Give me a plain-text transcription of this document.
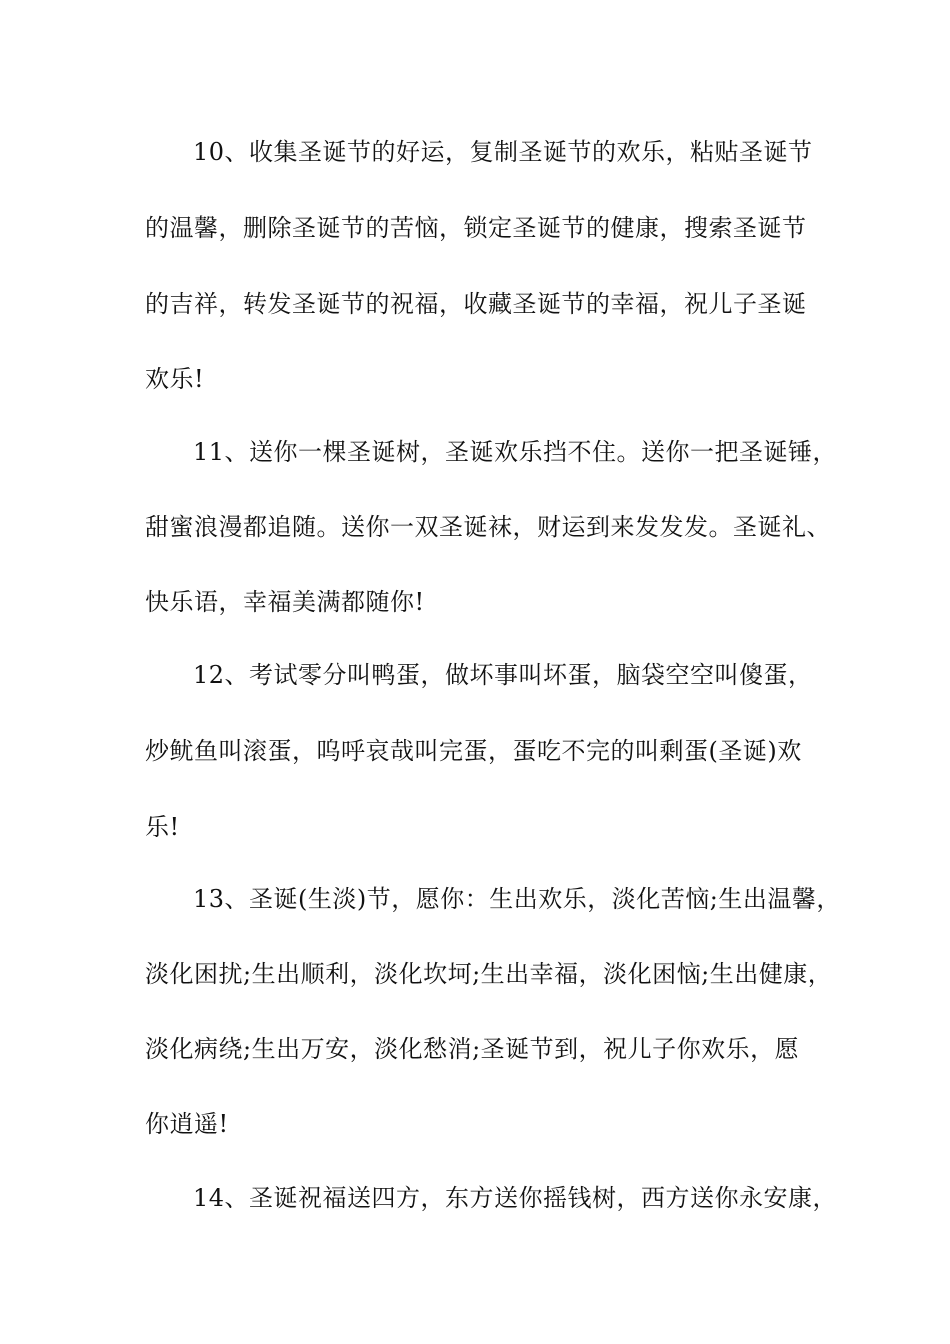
10、收集圣诞节的好运，复制圣诞节的欢乐，粘贴圣诞节
的温馨，删除圣诞节的苦恼，锁定圣诞节的健康，搜索圣诞节
的吉祥，转发圣诞节的祝福，收藏圣诞节的幸福，祝儿子圣诞
欢乐!
11、送你一棵圣诞树，圣诞欢乐挡不住。送你一把圣诞锤，
甜蜜浪漫都追随。送你一双圣诞袜，财运到来发发发。圣诞礼、
快乐语，幸福美满都随你!
12、考试零分叫鸭蛋，做坏事叫坏蛋，脑袋空空叫傻蛋，
炒鱿鱼叫滚蛋，呜呼哀哉叫完蛋，蛋吃不完的叫剩蛋(圣诞)欢
乐!
13、圣诞(生淡)节，愿你：生出欢乐，淡化苦恼;生出温馨，
淡化困扰;生出顺利，淡化坎坷;生出幸福，淡化困恼;生出健康，
淡化病绕;生出万安，淡化愁消;圣诞节到，祝儿子你欢乐，愿
你逍遥!
14、圣诞祝福送四方，东方送你摇钱树，西方送你永安康，
